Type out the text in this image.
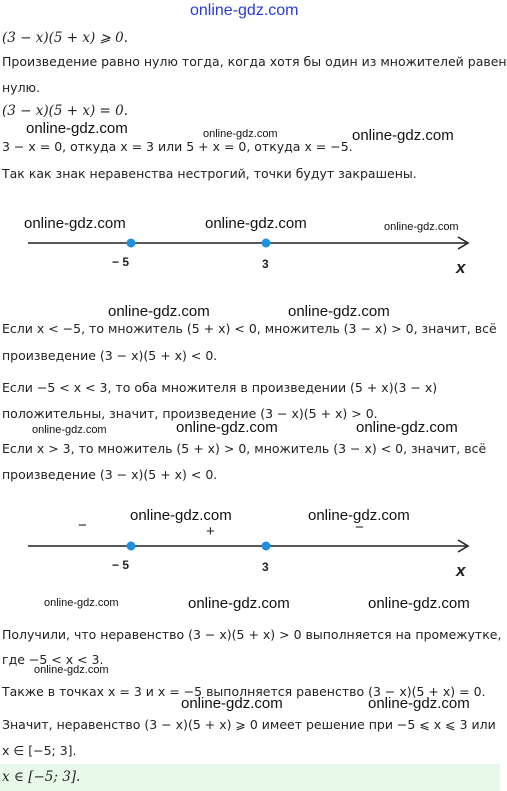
online-gdz.com
(3 − x)(5 + x) ⩾ 0.
Произведение равно нулю тогда, когда хотя бы один из множителей равен
нулю.
(3 − x)(5 + x) = 0.
3 − x = 0, откуда x = 3 или 5 + x = 0, откуда x = −5.
Так как знак неравенства нестрогий, точки будут закрашены.
Если x < −5, то множитель (5 + x) < 0, множитель (3 − x) > 0, значит, всё
произведение (3 − x)(5 + x) < 0.
Если −5 < x < 3, то оба множителя в произведении (5 + x)(3 − x)
положительны, значит, произведение (3 − x)(5 + x) > 0.
Если x > 3, то множитель (5 + x) > 0, множитель (3 − x) < 0, значит, всё
произведение (3 − x)(5 + x) < 0.
Получили, что неравенство (3 − x)(5 + x) > 0 выполняется на промежутке,
где −5 < x < 3.
Также в точках x = 3 и x = −5 выполняется равенство (3 − x)(5 + x) = 0.
Значит, неравенство (3 − x)(5 + x) ⩾ 0 имеет решение при −5 ⩽ x ⩽ 3 или
x ∈ [−5; 3].
x ∈ [−5; 3].
− 5	3	x
− 5	3	x
−	+	−
online-gdz.com	online-gdz.com	online-gdz.com
online-gdz.com	online-gdz.com	online-gdz.com
online-gdz.com	online-gdz.com
online-gdz.com	online-gdz.com	online-gdz.com
online-gdz.com	online-gdz.com
online-gdz.com	online-gdz.com	online-gdz.com
online-gdz.com
online-gdz.com	online-gdz.com
